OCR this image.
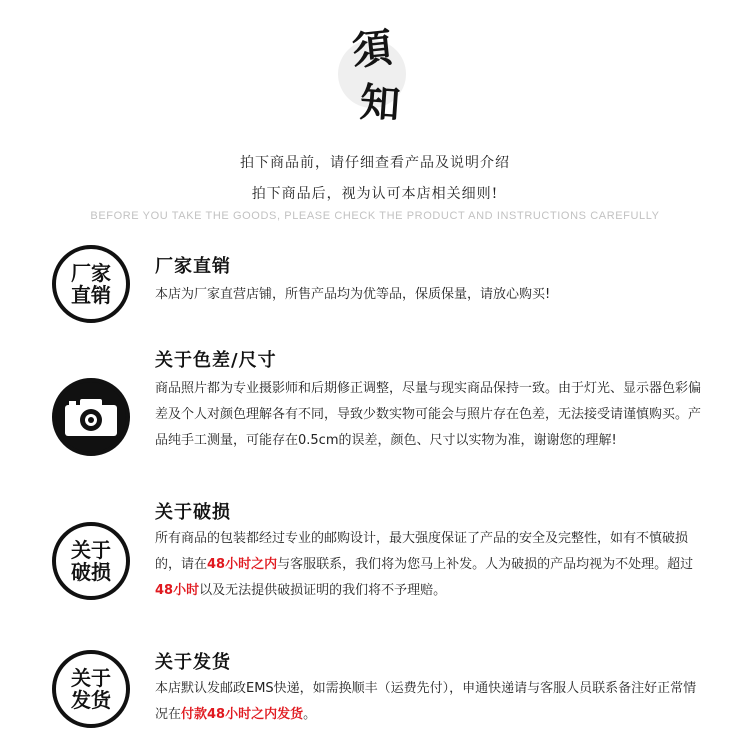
須
知
拍下商品前，请仔细查看产品及说明介绍
拍下商品后，视为认可本店相关细则!
BEFORE YOU TAKE THE GOODS, PLEASE CHECK THE PRODUCT AND INSTRUCTIONS CAREFULLY
厂家
直销
厂家直销
本店为厂家直营店铺，所售产品均为优等品，保质保量，请放心购买!
关于色差/尺寸
商品照片都为专业摄影师和后期修正调整，尽量与现实商品保持一致。由于灯光、显示器色彩偏差及个人对颜色理解各有不同，导致少数实物可能会与照片存在色差，无法接受请谨慎购买。产品纯手工测量，可能存在0.5cm的误差，颜色、尺寸以实物为准，谢谢您的理解!
关于
破损
关于破损
所有商品的包装都经过专业的邮购设计，最大强度保证了产品的安全及完整性，如有不慎破损的，请在48小时之内与客服联系，我们将为您马上补发。人为破损的产品均视为不处理。超过48小时以及无法提供破损证明的我们将不予理赔。
关于
发货
关于发货
本店默认发邮政EMS快递，如需换顺丰（运费先付），申通快递请与客服人员联系备注好正常情况在付款48小时之内发货。
